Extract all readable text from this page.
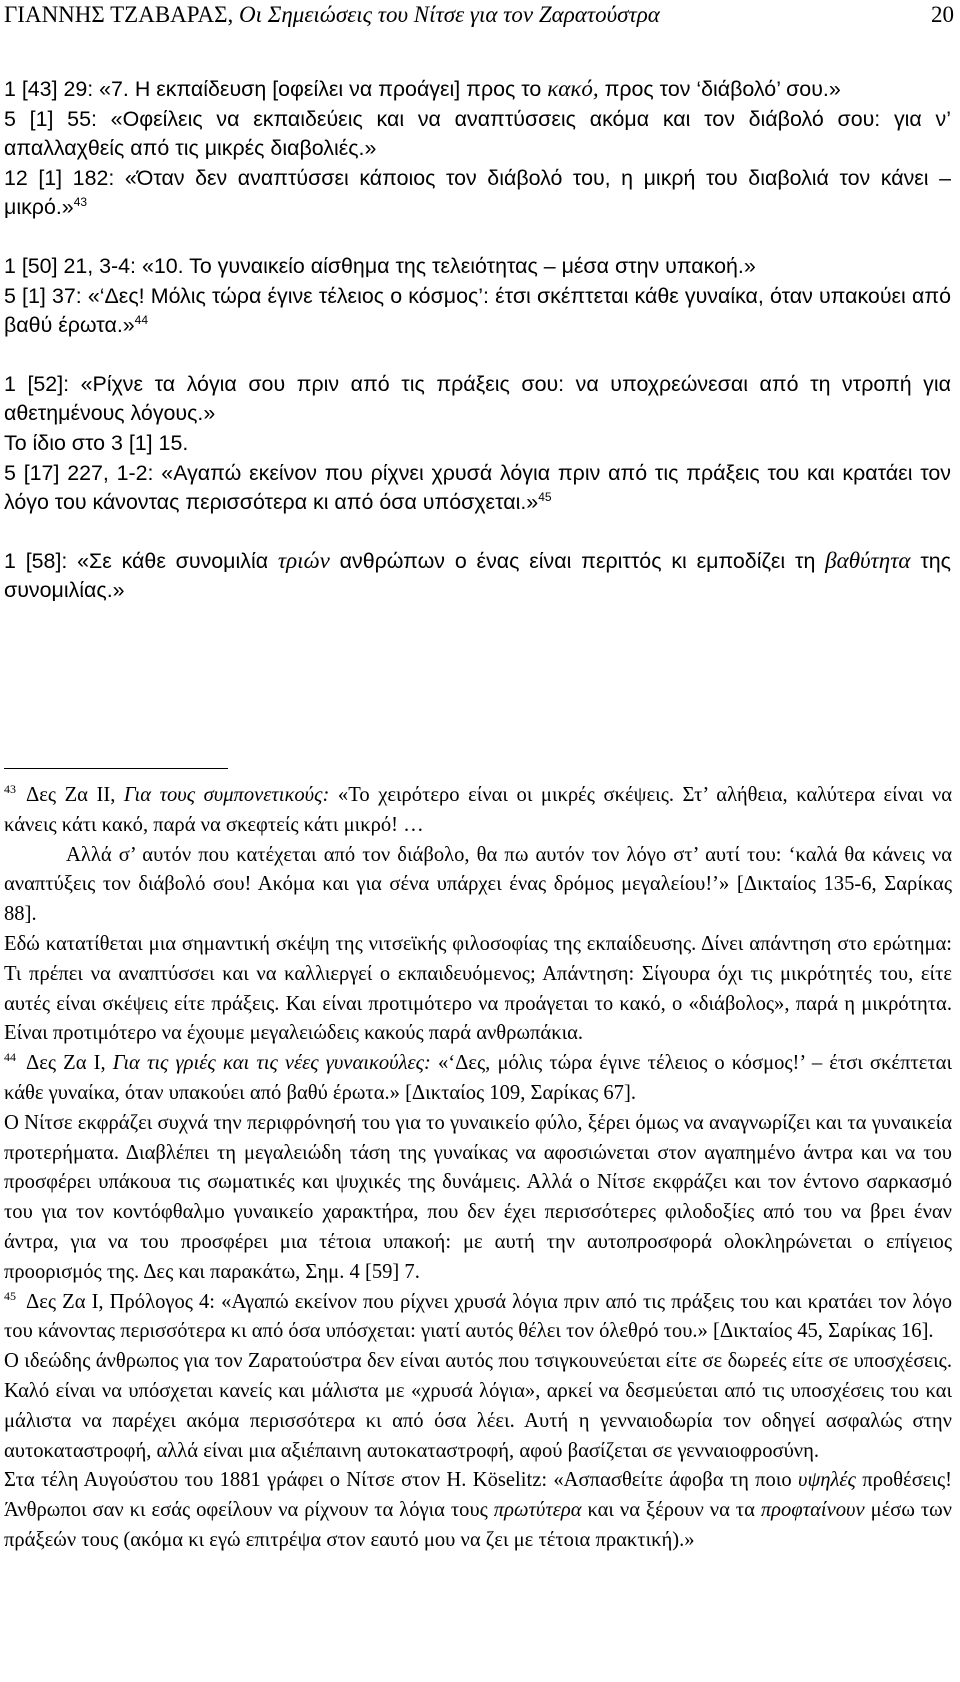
ΓΙΑΝΝΗΣ ΤΖΑΒΑΡΑΣ, Οι Σημειώσεις του Νίτσε για τον Ζαρατούστρα	20

1 [43] 29: «7. Η εκπαίδευση [οφείλει να προάγει] προς το κακό, προς τον ‘διάβολό’ σου.»

5 [1] 55: «Οφείλεις να εκπαιδεύεις και να αναπτύσσεις ακόμα και τον διάβολό σου: για ν’ απαλλαχθείς από τις μικρές διαβολιές.»

12 [1] 182: «Όταν δεν αναπτύσσει κάποιος τον διάβολό του, η μικρή του διαβολιά τον κάνει – μικρό.»$^{43}$

1 [50] 21, 3-4: «10. Το γυναικείο αίσθημα της τελειότητας – μέσα στην υπακοή.»

5 [1] 37: «‘Δες! Μόλις τώρα έγινε τέλειος ο κόσμος’: έτσι σκέπτεται κάθε γυναίκα, όταν υπακούει από βαθύ έρωτα.»$^{44}$

1 [52]: «Ρίχνε τα λόγια σου πριν από τις πράξεις σου: να υποχρεώνεσαι από τη ντροπή για αθετημένους λόγους.»

Το ίδιο στο 3 [1] 15.

5 [17] 227, 1-2: «Αγαπώ εκείνον που ρίχνει χρυσά λόγια πριν από τις πράξεις του και κρατάει τον λόγο του κάνοντας περισσότερα κι από όσα υπόσχεται.»$^{45}$

1 [58]: «Σε κάθε συνομιλία τριών ανθρώπων ο ένας είναι περιττός κι εμποδίζει τη βαθύτητα της συνομιλίας.»

$^{43}$ Δες Ζα ΙΙ, Για τους συμπονετικούς: «Το χειρότερο είναι οι μικρές σκέψεις. Στ’ αλήθεια, καλύτερα είναι να κάνεις κάτι κακό, παρά να σκεφτείς κάτι μικρό! …

Αλλά σ’ αυτόν που κατέχεται από τον διάβολο, θα πω αυτόν τον λόγο στ’ αυτί του: ‘καλά θα κάνεις να αναπτύξεις τον διάβολό σου! Ακόμα και για σένα υπάρχει ένας δρόμος μεγαλείου!’» [Δικταίος 135-6, Σαρίκας 88].

Εδώ κατατίθεται μια σημαντική σκέψη της νιτσεϊκής φιλοσοφίας της εκπαίδευσης. Δίνει απάντηση στο ερώτημα: Τι πρέπει να αναπτύσσει και να καλλιεργεί ο εκπαιδευόμενος; Απάντηση: Σίγουρα όχι τις μικρότητές του, είτε αυτές είναι σκέψεις είτε πράξεις. Και είναι προτιμότερο να προάγεται το κακό, ο «διάβολος», παρά η μικρότητα. Είναι προτιμότερο να έχουμε μεγαλειώδεις κακούς παρά ανθρωπάκια.

$^{44}$ Δες Ζα Ι, Για τις γριές και τις νέες γυναικούλες: «‘Δες, μόλις τώρα έγινε τέλειος ο κόσμος!’ – έτσι σκέπτεται κάθε γυναίκα, όταν υπακούει από βαθύ έρωτα.» [Δικταίος 109, Σαρίκας 67].

Ο Νίτσε εκφράζει συχνά την περιφρόνησή του για το γυναικείο φύλο, ξέρει όμως να αναγνωρίζει και τα γυναικεία προτερήματα. Διαβλέπει τη μεγαλειώδη τάση της γυναίκας να αφοσιώνεται στον αγαπημένο άντρα και να του προσφέρει υπάκουα τις σωματικές και ψυχικές της δυνάμεις. Αλλά ο Νίτσε εκφράζει και τον έντονο σαρκασμό του για τον κοντόφθαλμο γυναικείο χαρακτήρα, που δεν έχει περισσότερες φιλοδοξίες από του να βρει έναν άντρα, για να του προσφέρει μια τέτοια υπακοή: με αυτή την αυτοπροσφορά ολοκληρώνεται ο επίγειος προορισμός της. Δες και παρακάτω, Σημ. 4 [59] 7.

$^{45}$ Δες Ζα Ι, Πρόλογος 4: «Αγαπώ εκείνον που ρίχνει χρυσά λόγια πριν από τις πράξεις του και κρατάει τον λόγο του κάνοντας περισσότερα κι από όσα υπόσχεται: γιατί αυτός θέλει τον όλεθρό του.» [Δικταίος 45, Σαρίκας 16].

Ο ιδεώδης άνθρωπος για τον Ζαρατούστρα δεν είναι αυτός που τσιγκουνεύεται είτε σε δωρεές είτε σε υποσχέσεις. Καλό είναι να υπόσχεται κανείς και μάλιστα με «χρυσά λόγια», αρκεί να δεσμεύεται από τις υποσχέσεις του και μάλιστα να παρέχει ακόμα περισσότερα κι από όσα λέει. Αυτή η γενναιοδωρία τον οδηγεί ασφαλώς στην αυτοκαταστροφή, αλλά είναι μια αξιέπαινη αυτοκαταστροφή, αφού βασίζεται σε γενναιοφροσύνη.

Στα τέλη Αυγούστου του 1881 γράφει ο Νίτσε στον Η. Köselitz: «Ασπασθείτε άφοβα τη ποιο υψηλές προθέσεις! Άνθρωποι σαν κι εσάς οφείλουν να ρίχνουν τα λόγια τους πρωτύτερα και να ξέρουν να τα προφταίνουν μέσω των πράξεών τους (ακόμα κι εγώ επιτρέψα στον εαυτό μου να ζει με τέτοια πρακτική).»
